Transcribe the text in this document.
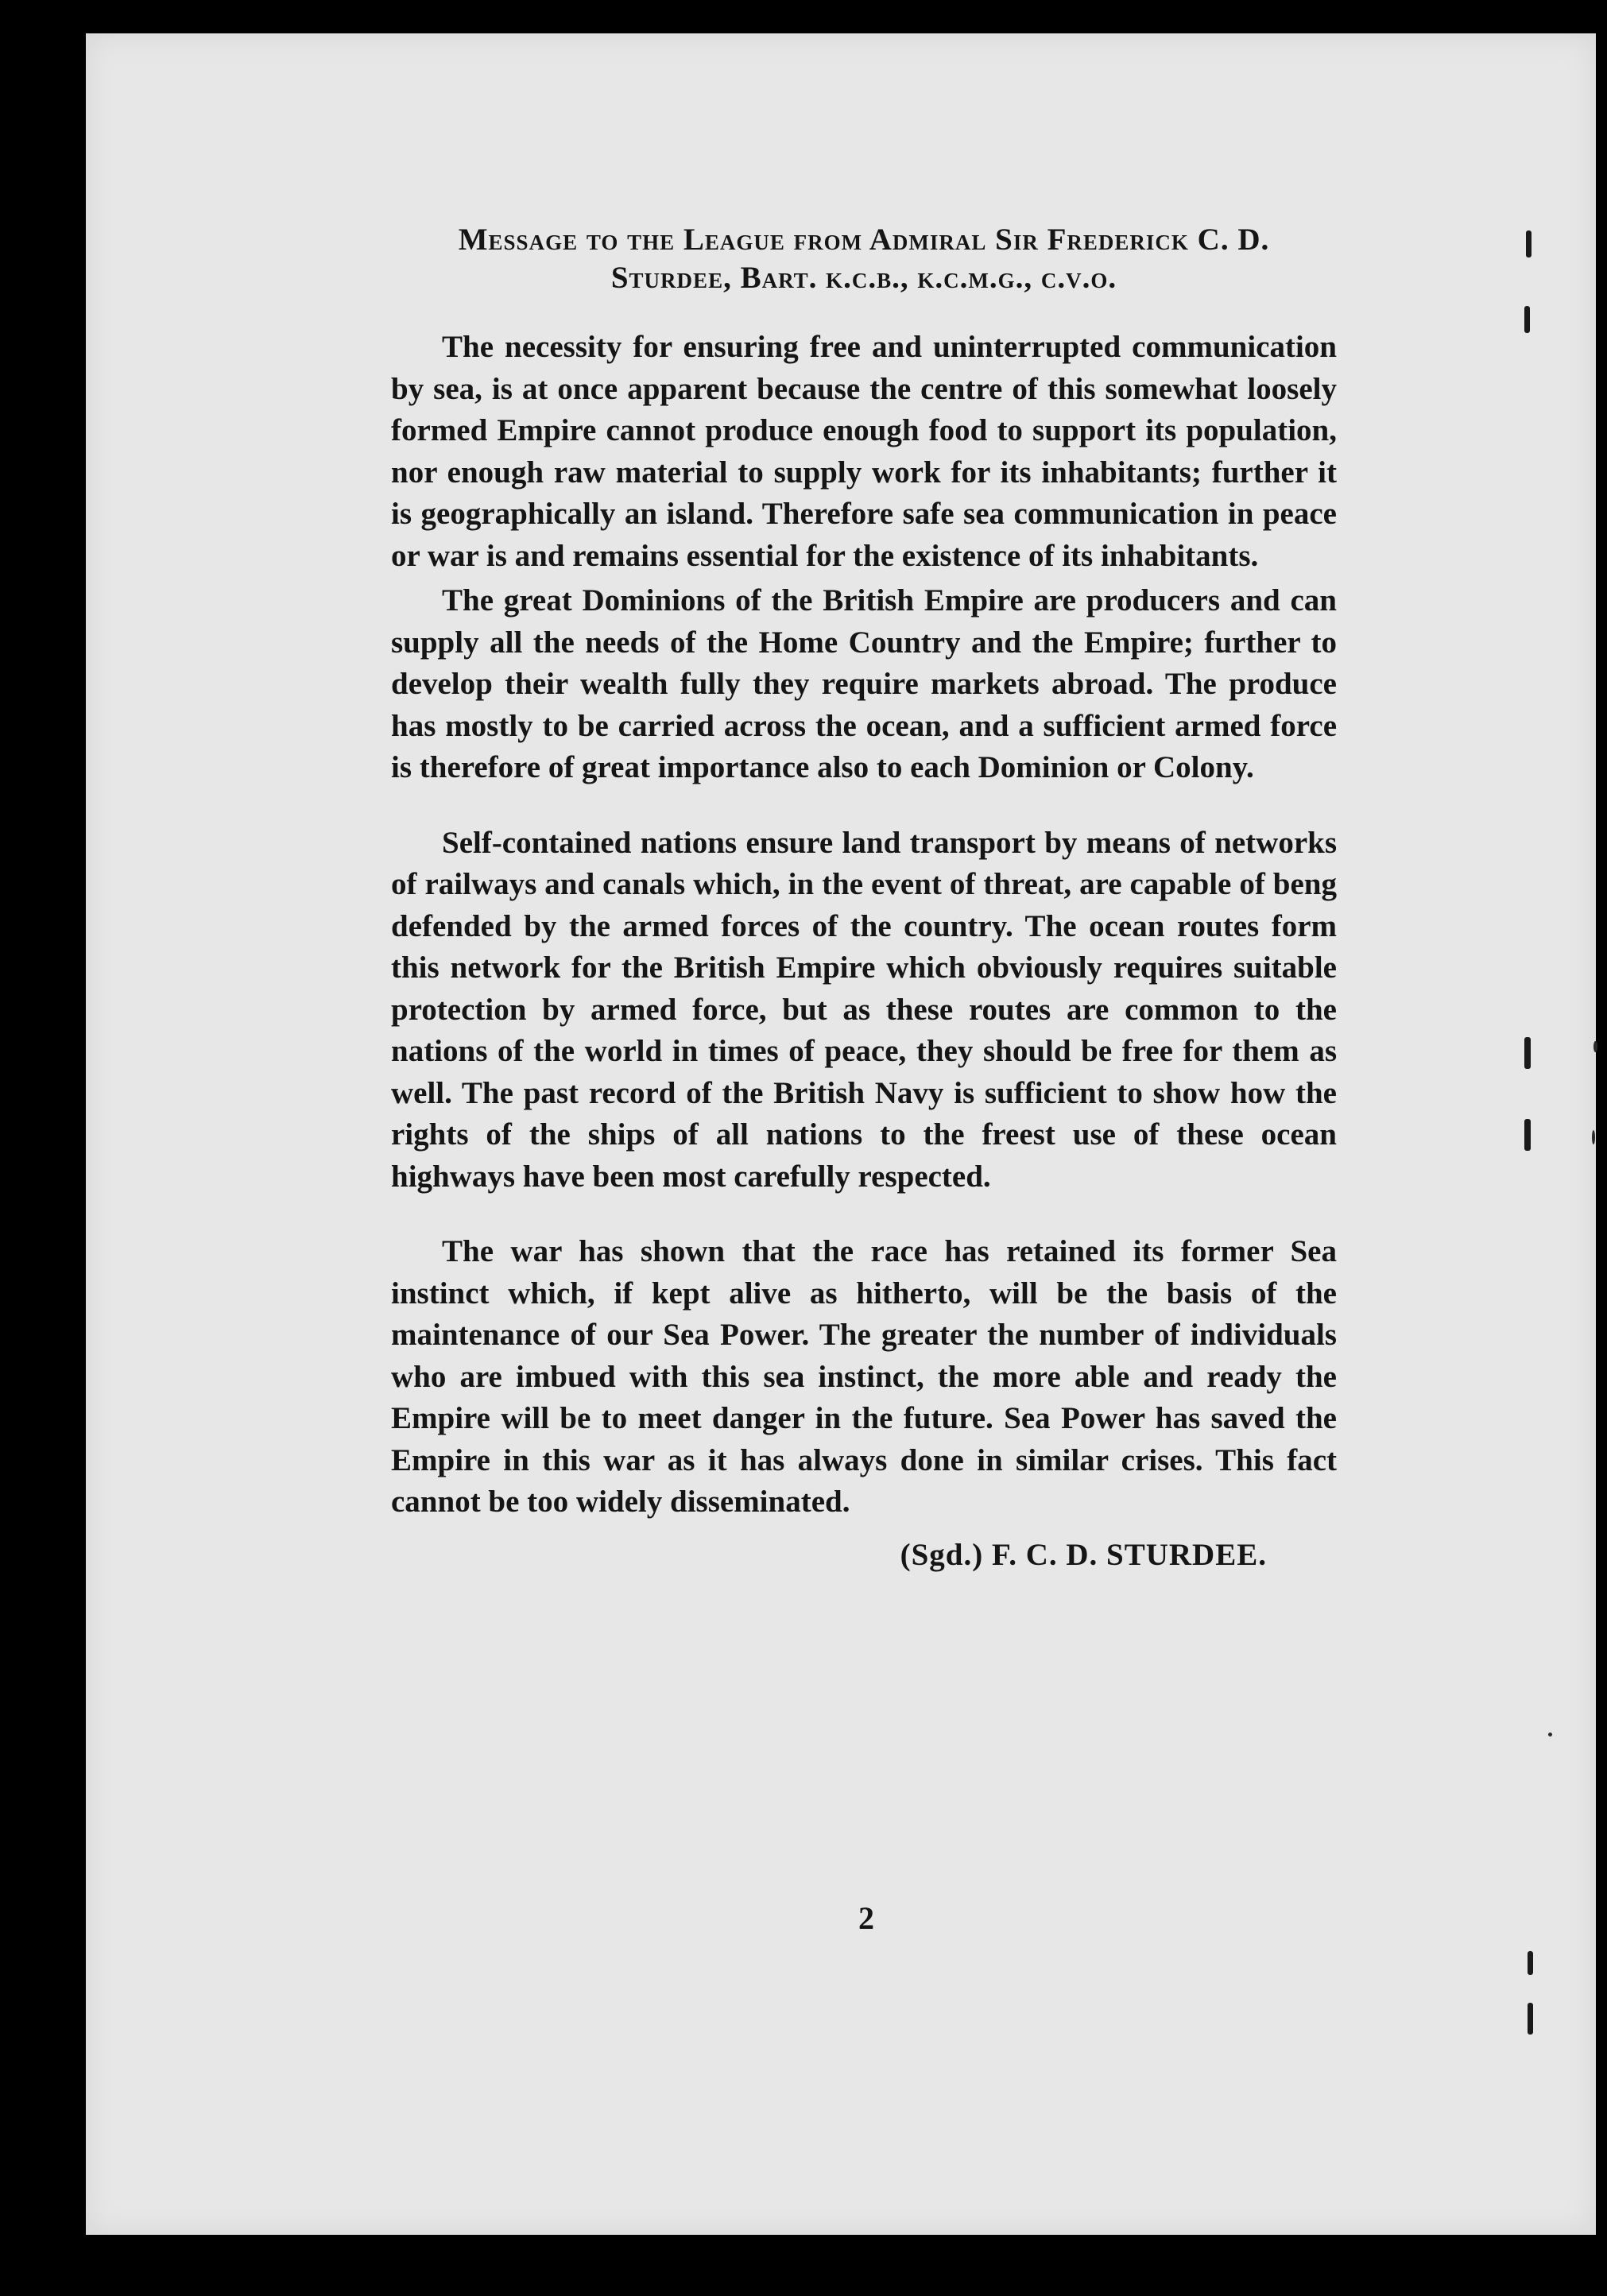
Message to the League from Admiral Sir Frederick C. D.
Sturdee, Bart. k.c.b., k.c.m.g., c.v.o.

The necessity for ensuring free and uninterrupted communication by sea, is at once apparent because the centre of this somewhat loosely formed Empire cannot produce enough food to support its population, nor enough raw material to supply work for its inhabitants; further it is geographically an island. Therefore safe sea communication in peace or war is and remains essential for the existence of its inhabitants.

The great Dominions of the British Empire are producers and can supply all the needs of the Home Country and the Empire; further to develop their wealth fully they require markets abroad. The produce has mostly to be carried across the ocean, and a sufficient armed force is therefore of great importance also to each Dominion or Colony.

Self-contained nations ensure land transport by means of networks of railways and canals which, in the event of threat, are capable of beng defended by the armed forces of the country. The ocean routes form this network for the British Empire which obviously requires suitable protection by armed force, but as these routes are common to the nations of the world in times of peace, they should be free for them as well. The past record of the British Navy is sufficient to show how the rights of the ships of all nations to the freest use of these ocean highways have been most carefully respected.

The war has shown that the race has retained its former Sea instinct which, if kept alive as hitherto, will be the basis of the maintenance of our Sea Power. The greater the number of individuals who are imbued with this sea instinct, the more able and ready the Empire will be to meet danger in the future. Sea Power has saved the Empire in this war as it has always done in similar crises. This fact cannot be too widely disseminated.

(Sgd.) F. C. D. STURDEE.
2
